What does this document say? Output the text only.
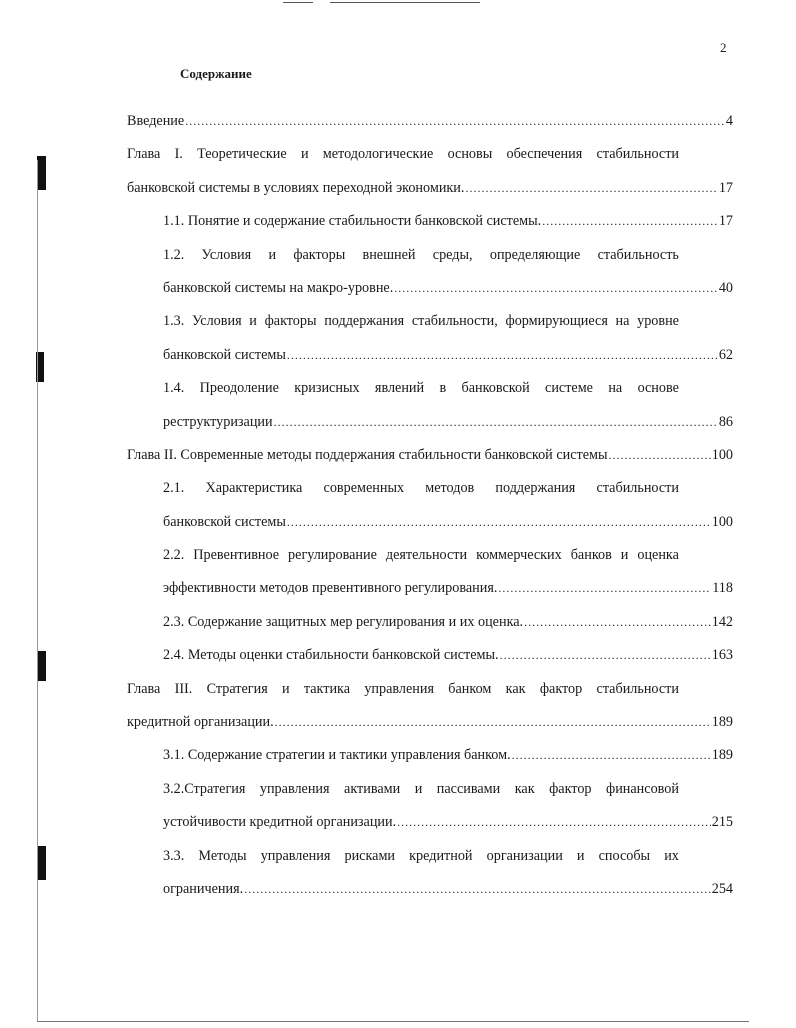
2
Содержание
Введение .....	4
Глава I. Теоретические и методологические основы обеспечения стабильности
банковской системы в условиях переходной экономики. .....	17
1.1. Понятие и содержание стабильности банковской системы. .....	17
1.2. Условия и факторы внешней среды, определяющие стабильность
банковской системы на макро-уровне. .....	40
1.3. Условия и факторы поддержания стабильности, формирующиеся на уровне
банковской системы .....	62
1.4. Преодоление кризисных явлений в банковской системе на основе
реструктуризации .....	86
Глава II. Современные методы поддержания стабильности банковской системы .....	100
2.1. Характеристика современных методов поддержания стабильности
банковской системы .....	100
2.2. Превентивное регулирование деятельности коммерческих банков и оценка
эффективности методов превентивного регулирования. .....	118
2.3. Содержание защитных мер регулирования и их оценка. .....	142
2.4. Методы оценки стабильности банковской системы. .....	163
Глава III. Стратегия и тактика управления банком как фактор стабильности
кредитной организации. .....	189
3.1. Содержание стратегии и тактики управления банком. .....	189
3.2.Стратегия управления активами и пассивами как фактор финансовой
устойчивости кредитной организации. .....	215
3.3. Методы управления рисками кредитной организации и способы их
ограничения. .....	254
